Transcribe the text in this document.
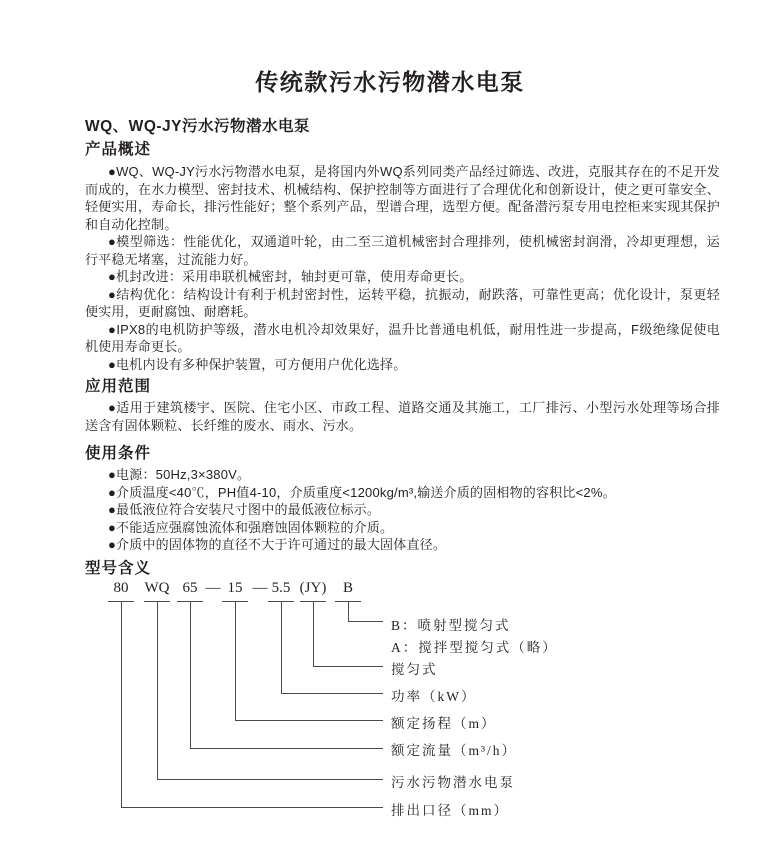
传统款污水污物潜水电泵
WQ、WQ-JY污水污物潜水电泵
产品概述

●WQ、WQ-JY污水污物潜水电泵，是将国内外WQ系列同类产品经过筛选、改进，克服其存在的不足开发而成的，在水力模型、密封技术、机械结构、保护控制等方面进行了合理优化和创新设计，使之更可靠安全、轻便实用，寿命长，排污性能好；整个系列产品，型谱合理，选型方便。配备潜污泵专用电控柜来实现其保护和自动化控制。

●模型筛选：性能优化，双通道叶轮，由二至三道机械密封合理排列，使机械密封润滑，冷却更理想，运行平稳无堵塞，过流能力好。

●机封改进：采用串联机械密封，轴封更可靠，使用寿命更长。

●结构优化：结构设计有利于机封密封性，运转平稳，抗振动，耐跌落，可靠性更高；优化设计，泵更轻便实用，更耐腐蚀、耐磨耗。

●IPX8的电机防护等级，潜水电机冷却效果好，温升比普通电机低，耐用性进一步提高，F级绝缘促使电机使用寿命更长。

●电机内设有多种保护装置，可方便用户优化选择。

应用范围

●适用于建筑楼宇、医院、住宅小区、市政工程、道路交通及其施工，工厂排污、小型污水处理等场合排送含有固体颗粒、长纤维的废水、雨水、污水。

使用条件

●电源：50Hz,3×380V。

●介质温度<40℃，PH值4-10，介质重度<1200kg/m³,输送介质的固相物的容积比<2%。

●最低液位符合安装尺寸图中的最低液位标示。

●不能适应强腐蚀流体和强磨蚀固体颗粒的介质。

●介质中的固体物的直径不大于许可通过的最大固体直径。

型号含义
80 WQ 65 — 15 — 5.5 (JY) B
B：喷射型搅匀式
A：搅拌型搅匀式（略）
搅匀式
功率（kW）
额定扬程（m）
额定流量（m³/h）
污水污物潜水电泵
排出口径（mm）
